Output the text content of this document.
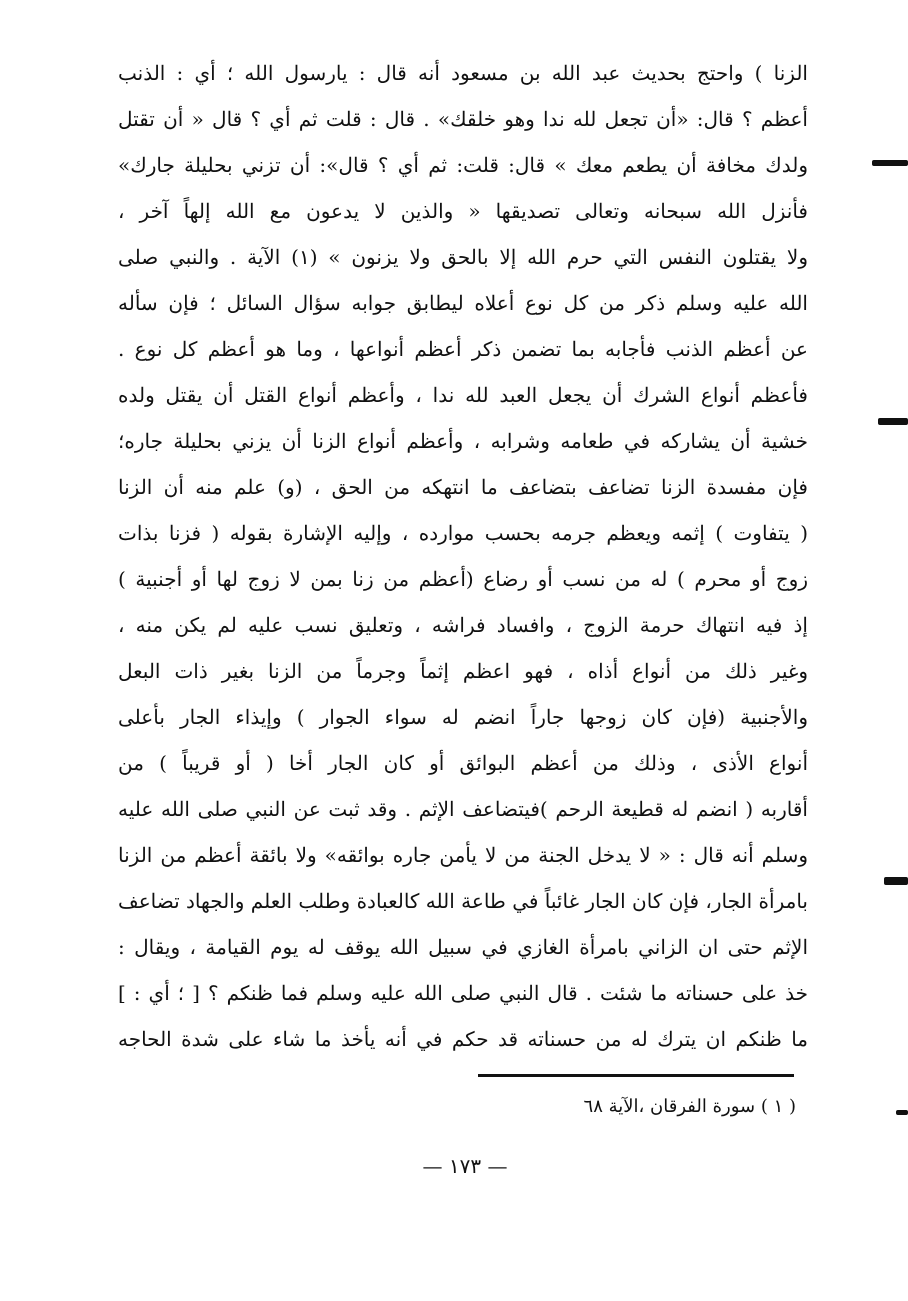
الزنا ) واحتج بحديث عبد الله بن مسعود أنه قال : يارسول الله ؛ أي : الذنب
أعظم ؟ قال: «أن تجعل لله ندا وهو خلقك» . قال : قلت ثم أي ؟ قال « أن تقتل
ولدك مخافة أن يطعم معك » قال: قلت: ثم أي ؟ قال»: أن تزني بحليلة جارك»
فأنزل الله سبحانه وتعالى تصديقها « والذين لا يدعون مع الله إلهاً آخر ،
ولا يقتلون النفس التي حرم الله إلا بالحق ولا يزنون » (١) الآية . والنبي صلى
الله عليه وسلم ذكر من كل نوع أعلاه ليطابق جوابه سؤال السائل ؛ فإن سأله
عن أعظم الذنب فأجابه بما تضمن ذكر أعظم أنواعها ، وما هو أعظم كل نوع .
فأعظم أنواع الشرك أن يجعل العبد لله ندا ، وأعظم أنواع القتل أن يقتل ولده
خشية أن يشاركه في طعامه وشرابه ، وأعظم أنواع الزنا أن يزني بحليلة جاره؛
فإن مفسدة الزنا تضاعف بتضاعف ما انتهكه من الحق ، (و) علم منه أن الزنا
( يتفاوت ) إثمه ويعظم جرمه بحسب موارده ، وإليه الإشارة بقوله ( فزنا بذات
زوج أو محرم ) له من نسب أو رضاع (أعظم من زنا بمن لا زوج لها أو أجنبية )
إذ فيه انتهاك حرمة الزوج ، وافساد فراشه ، وتعليق نسب عليه لم يكن منه ،
وغير ذلك من أنواع أذاه ، فهو اعظم إثماً وجرماً من الزنا بغير ذات البعل
والأجنبية (فإن كان زوجها جاراً انضم له سواء الجوار ) وإيذاء الجار بأعلى
أنواع الأذى ، وذلك من أعظم البوائق أو كان الجار أخا ( أو قريباً ) من
أقاربه ( انضم له قطيعة الرحم )فيتضاعف الإثم . وقد ثبت عن النبي صلى الله عليه
وسلم أنه قال : « لا يدخل الجنة من لا يأمن جاره بوائقه» ولا بائقة أعظم من الزنا
بامرأة الجار، فإن كان الجار غائباً في طاعة الله كالعبادة وطلب العلم والجهاد تضاعف
الإثم حتى ان الزاني بامرأة الغازي في سبيل الله يوقف له يوم القيامة ، ويقال :
خذ على حسناته ما شئت . قال النبي صلى الله عليه وسلم فما ظنكم ؟ [ ؛ أي : ]
ما ظنكم ان يترك له من حسناته قد حكم في أنه يأخذ ما شاء على شدة الحاجه
( ١ ) سورة الفرقان ،الآية ٦٨
— ١٧٣ —
